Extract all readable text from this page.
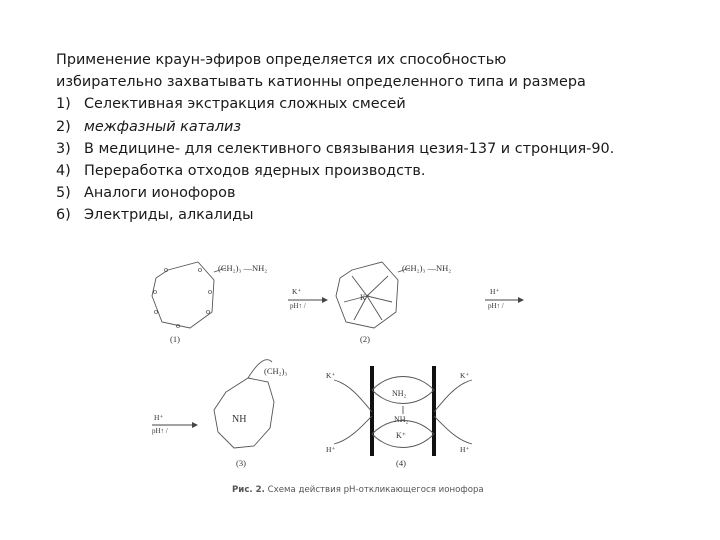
Применение краун-эфиров определяется их способностью
избирательно захватывать катионны определенного типа и размера
1) Селективная экстракция сложных смесей
2) межфазный катализ
3) В медицине- для селективного связывания цезия-137 и стронция-90.
4) Переработка отходов ядерных производств.
5) Аналоги ионофоров
6) Электриды, алкалиды
o	o
o	o
o	o
o
(CH₂)₃ —NH₂	(CH₂)₃ —NH₂
K⁺
K⁺
pH↑ /
H⁺
pH↑ /
(1)	(2)
(CH₂)₃
H⁺
pH↑ /
NH
(3)
K⁺	K⁺
NH₂
NH₂
K⁺
H⁺	H⁺
(4)
Рис. 2. Схема действия pH-откликающегося ионофора
